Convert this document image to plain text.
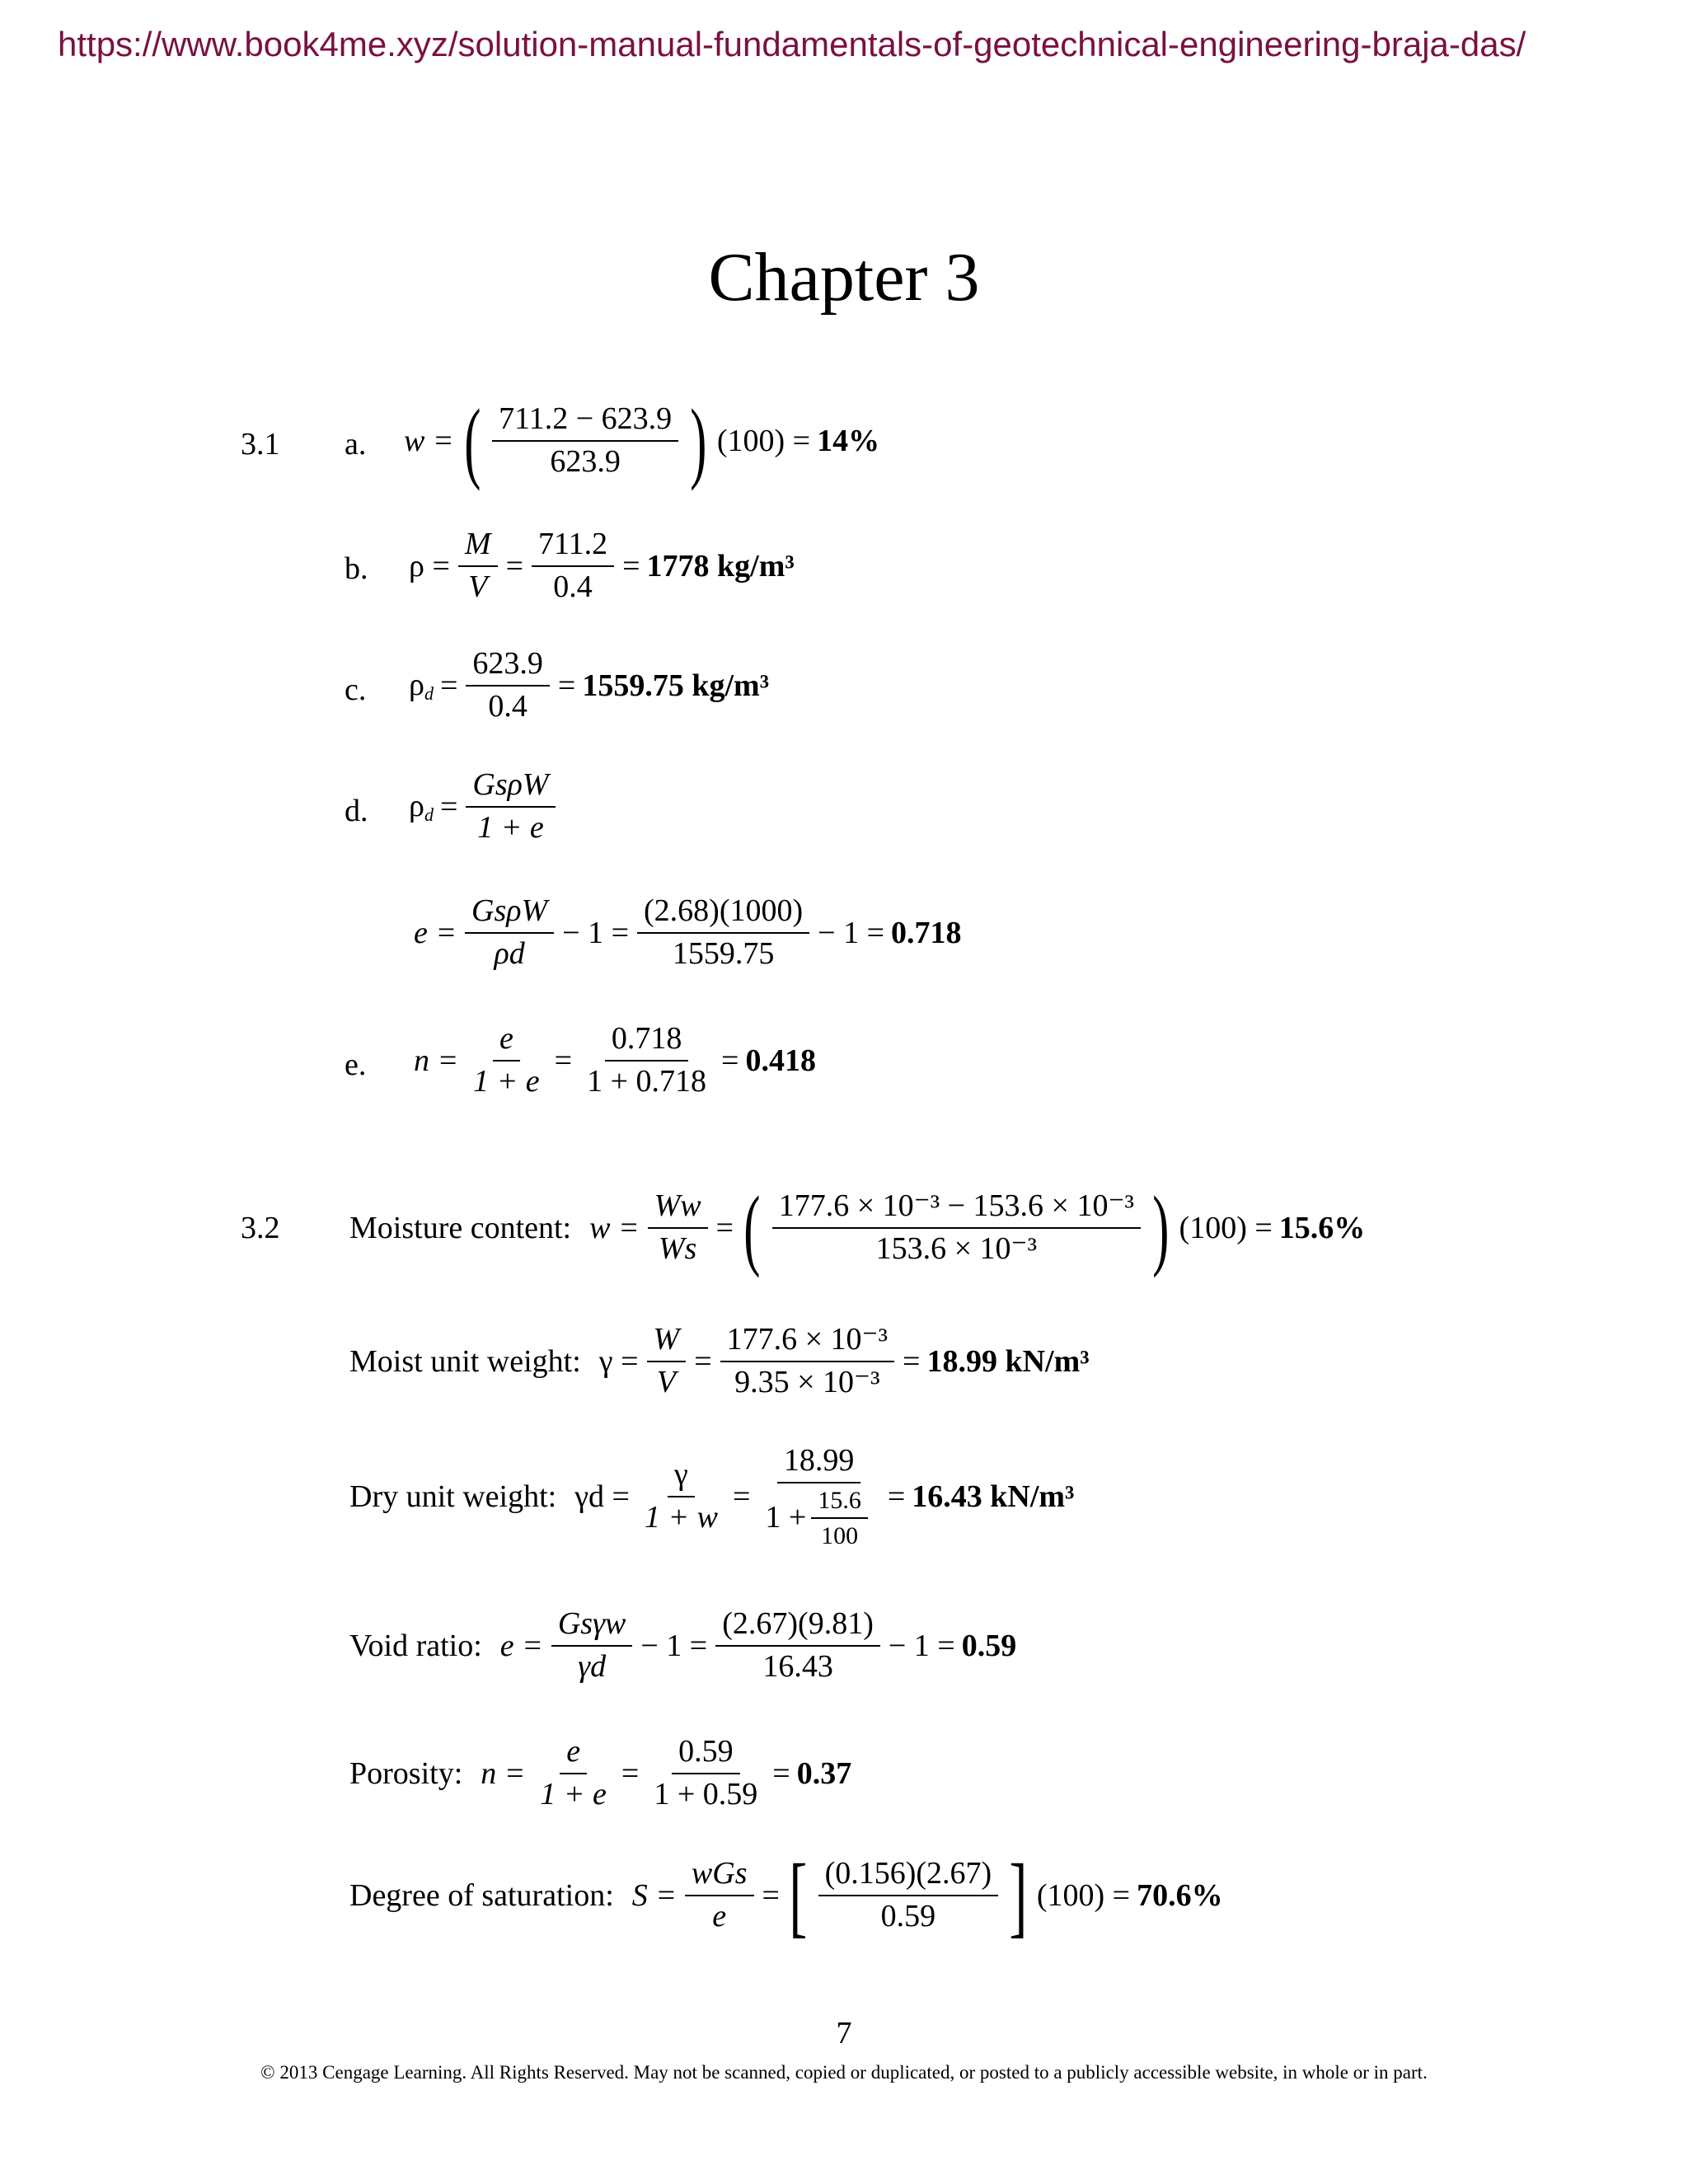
https://www.book4me.xyz/solution-manual-fundamentals-of-geotechnical-engineering-braja-das/
Chapter 3
3.1 a. w = ( $\frac{711.2 - 623.9}{623.9}$ ) (100) = 14%
b. $\rho = \frac{M}{V} = \frac{711.2}{0.4} = 1778$ kg/m³
c. $\rho_d = \frac{623.9}{0.4} = 1559.75$ kg/m³
d. $\rho_d = \frac{\text{GsρW}}{1 + e}$
$e = \frac{\text{GsρW}}{\rho d} - 1 = \frac{(2.68)(1000)}{1559.75} - 1 = 0.718$
e. $n = \frac{e}{1 + e} = \frac{0.718}{1 + 0.718} = 0.418$
3.2 Moisture content: $w = \frac{Ww}{Ws}$ = ( $\frac{\text{177.6 × 10⁻³ − 153.6 × 10⁻³}}{\text{153.6 × 10⁻³}}$ ) (100) = 15.6%
Moist unit weight: $\gamma = \frac{W}{V} = \frac{\text{177.6 × 10⁻³}}{\text{9.35 × 10⁻³}} = 18.99$ kN/m³
Dry unit weight: $\gamma d = \frac{\gamma}{1 + w} = \frac{18.99}{1 + \frac{15.6}{100}} = 16.43$ kN/m³
Void ratio: $e = \frac{\text{Gsγw}}{\gamma d} - 1 = \frac{(2.67)(9.81)}{16.43} - 1 = 0.59$
Porosity: $n = \frac{e}{1 + e} = \frac{0.59}{1 + 0.59} = 0.37$
Degree of saturation: $S = \frac{\text{wGs}}{e}$ = [ $\frac{(0.156)(2.67)}{0.59}$ ] (100) = 70.6%
7
© 2013 Cengage Learning. All Rights Reserved. May not be scanned, copied or duplicated, or posted to a publicly accessible website, in whole or in part.
